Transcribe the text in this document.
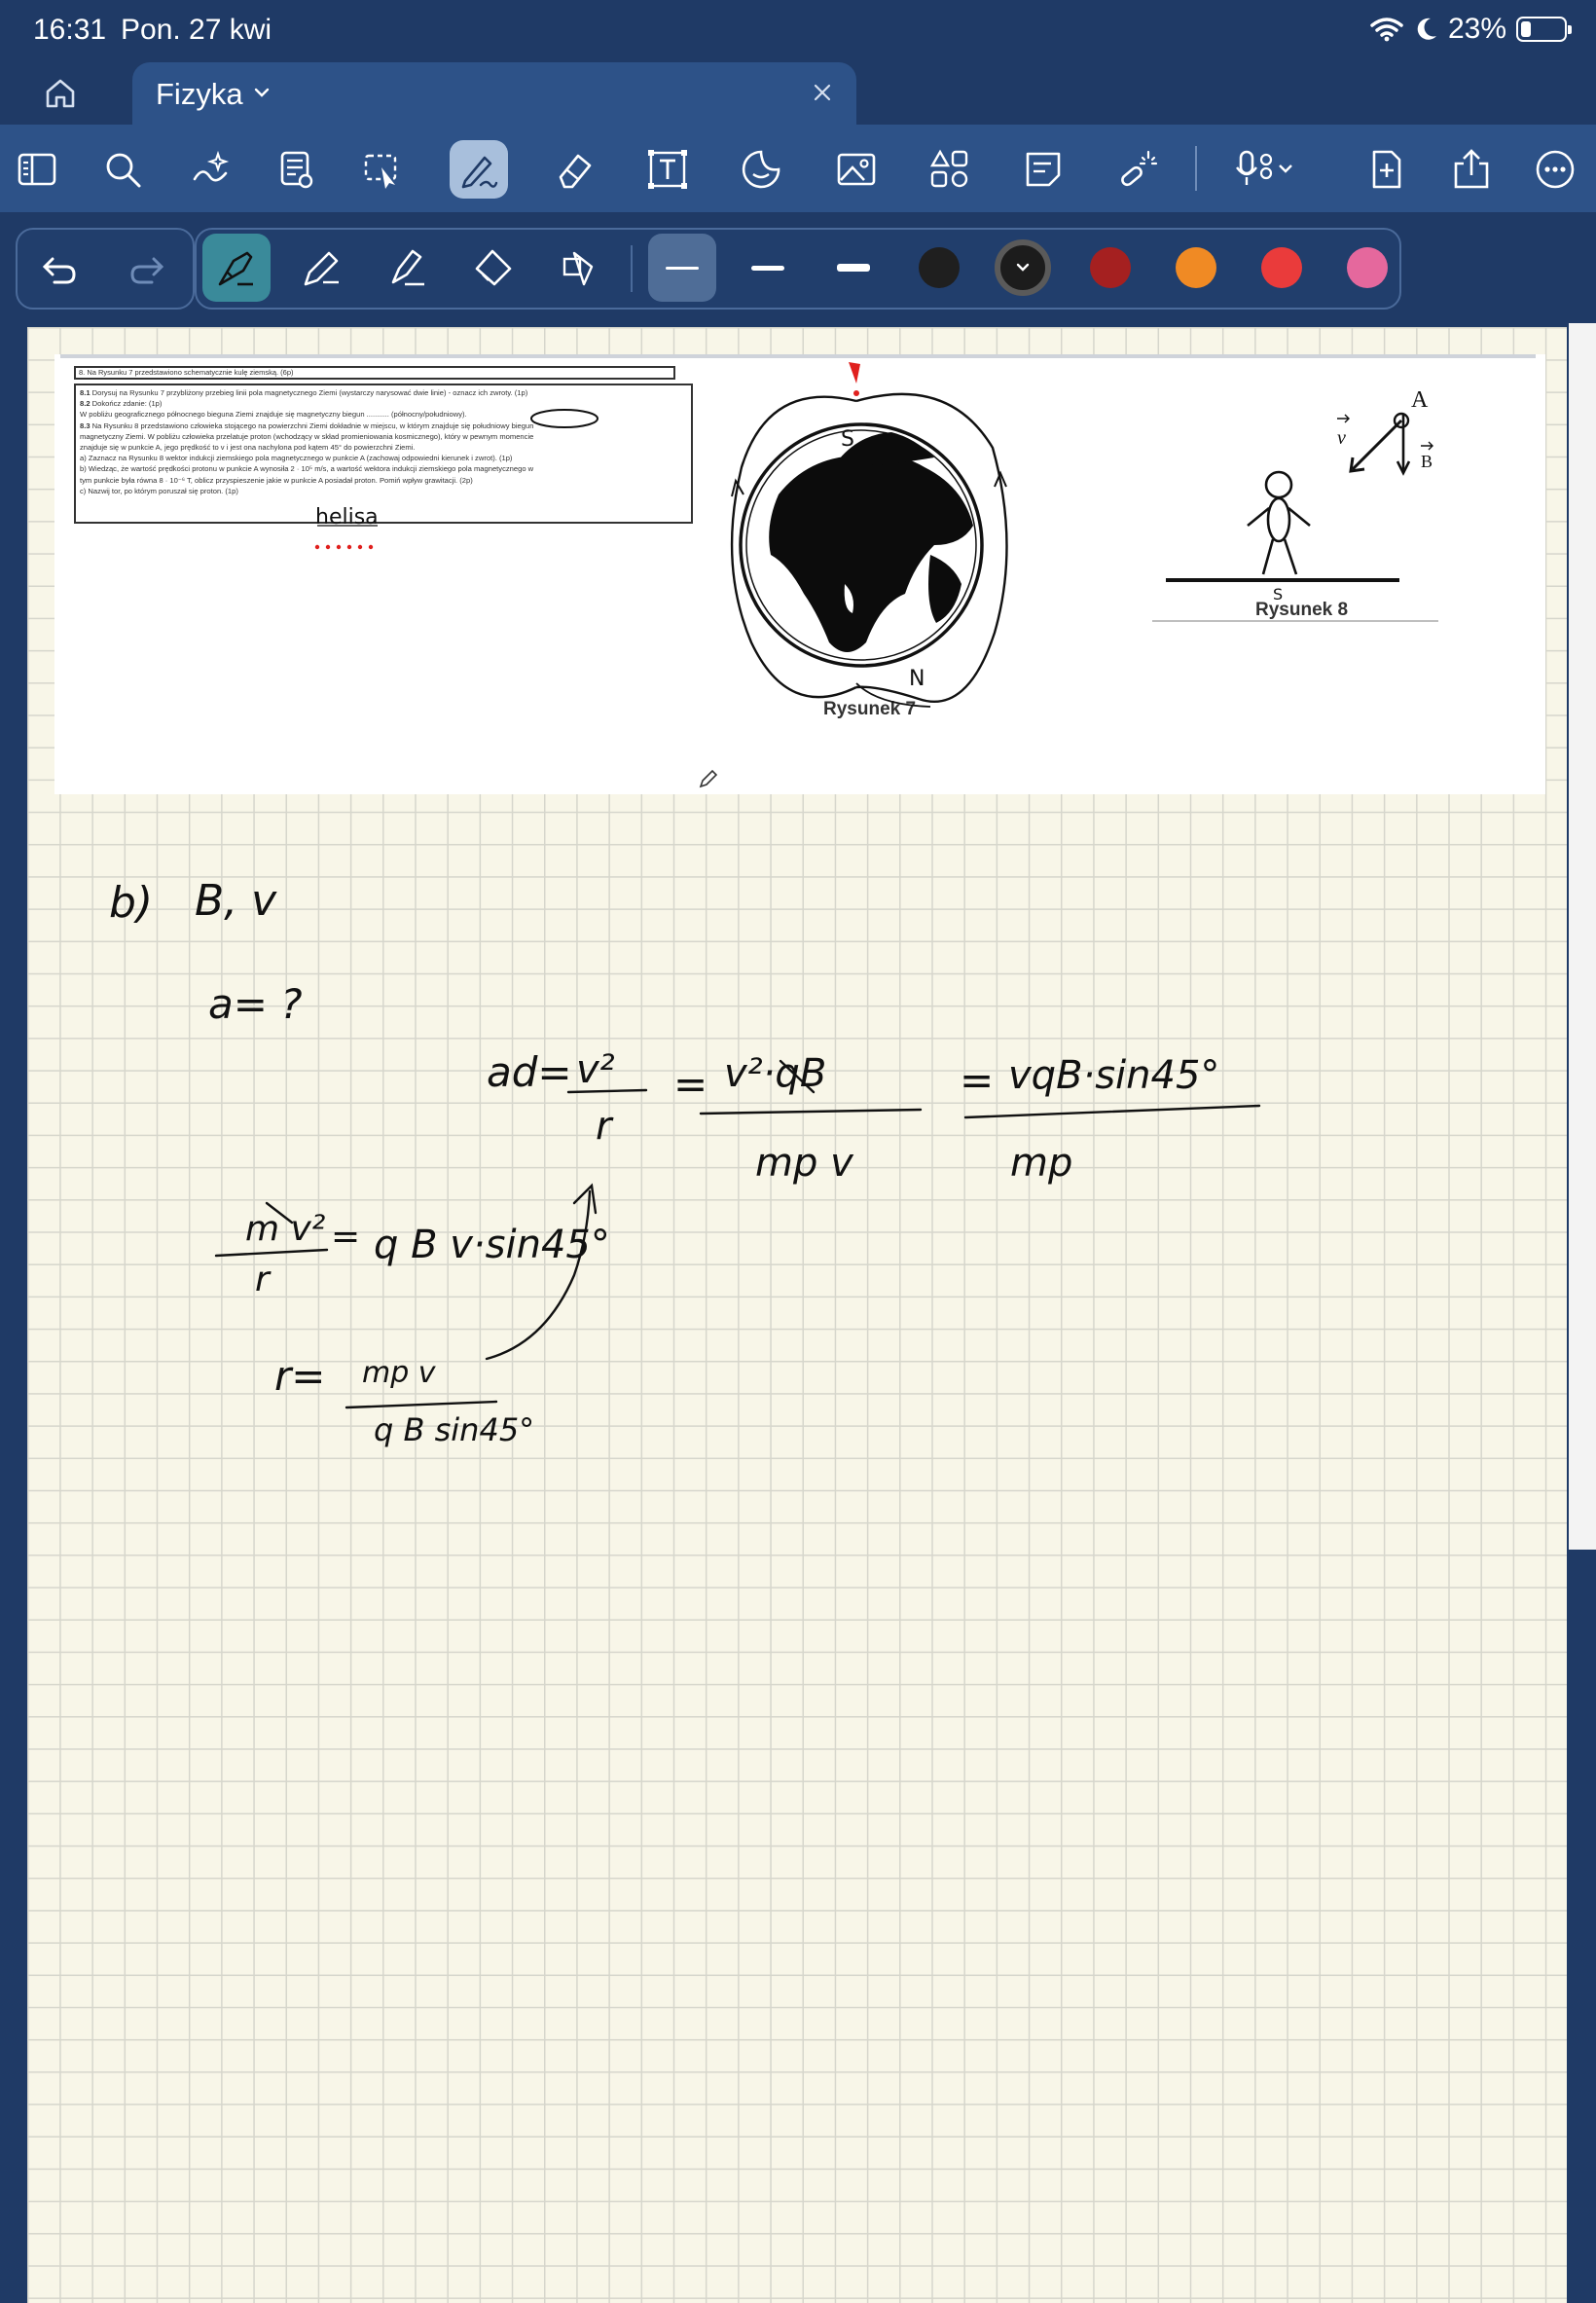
16:31 Pon. 27 kwi	23%
Fizyka
8. Na Rysunku 7 przedstawiono schematycznie kulę ziemską. (6p)

8.1 Dorysuj na Rysunku 7 przybliżony przebieg linii pola magnetycznego Ziemi (wystarczy narysować dwie linie) - oznacz ich zwroty. (1p)

8.2 Dokończ zdanie: (1p)

W pobliżu geograficznego północnego bieguna Ziemi znajduje się magnetyczny biegun ........... (północny/południowy).

8.3 Na Rysunku 8 przedstawiono człowieka stojącego na powierzchni Ziemi dokładnie w miejscu, w którym znajduje się południowy biegun

magnetyczny Ziemi. W pobliżu człowieka przelatuje proton (wchodzący w skład promieniowania kosmicznego), który w pewnym momencie

znajduje się w punkcie A, jego prędkość to v i jest ona nachylona pod kątem 45° do powierzchni Ziemi.

a) Zaznacz na Rysunku 8 wektor indukcji ziemskiego pola magnetycznego w punkcie A (zachowaj odpowiedni kierunek i zwrot). (1p)

b) Wiedząc, że wartość prędkości protonu w punkcie A wynosiła 2 · 10⁵ m/s, a wartość wektora indukcji ziemskiego pola magnetycznego w

tym punkcie była równa 8 · 10⁻⁶ T, oblicz przyspieszenie jakie w punkcie A posiadał proton. Pomiń wpływ grawitacji. (2p)

c) Nazwij tor, po którym poruszał się proton. (1p)

helisa
S
N
Rysunek 7
Rysunek 8
S
A
v
B
b) B, v
a= ?
ad= v²
r
= v²·qB
mp v
= vqB·sin45°
mp
m v²
r
= q B v·sin45°
r= mp v
q B sin45°
